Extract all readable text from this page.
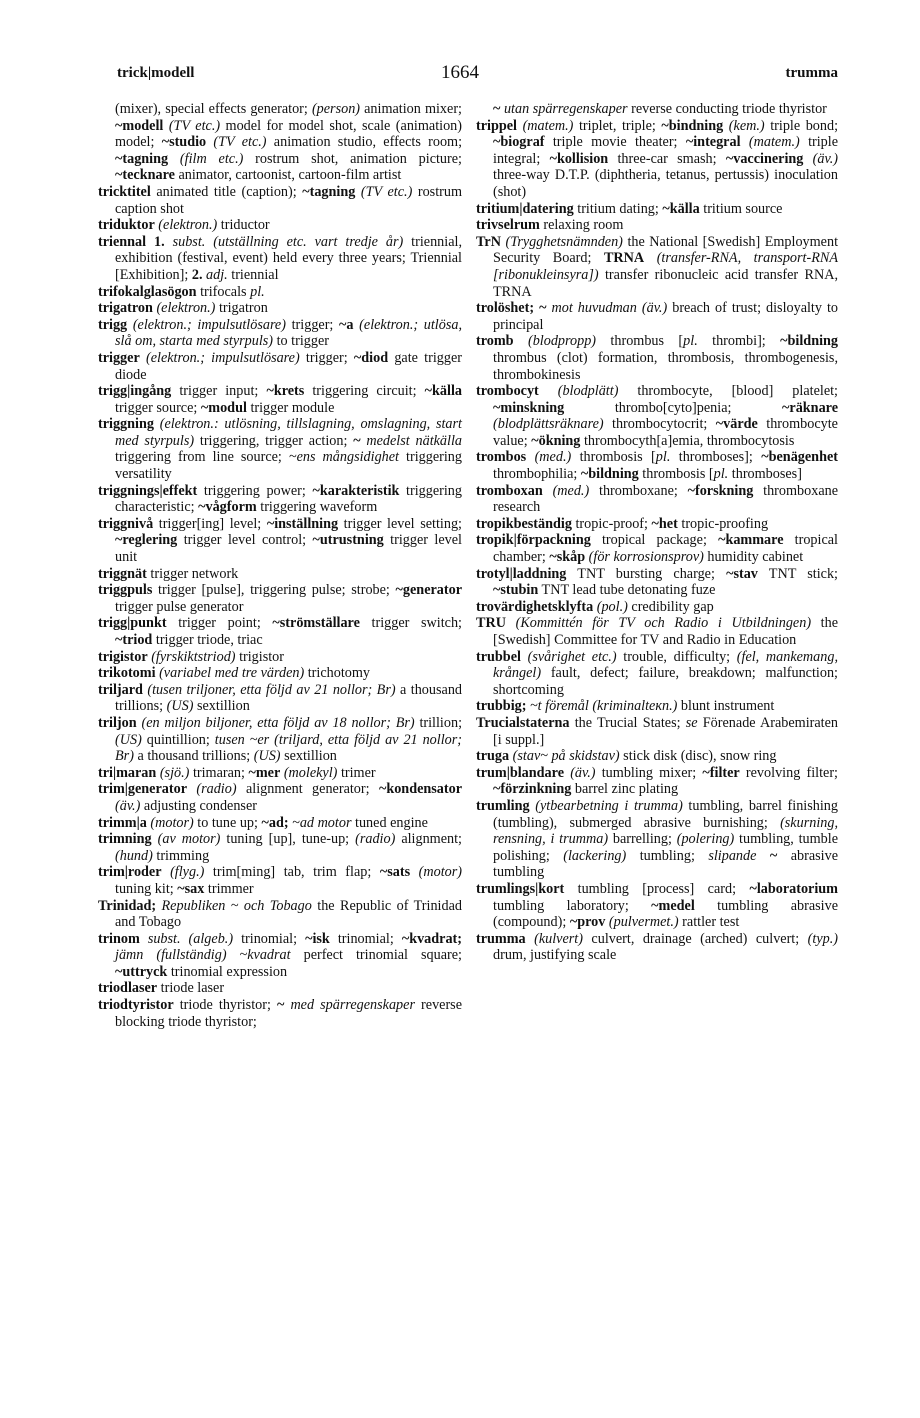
trick|modell	1664	trumma

(mixer), special effects generator; (person) animation mixer; ~modell (TV etc.) model for model shot, scale (animation) model; ~studio (TV etc.) animation studio, effects room; ~tagning (film etc.) rostrum shot, animation picture; ~tecknare animator, cartoonist, cartoon-film artist

tricktitel animated title (caption); ~tagning (TV etc.) rostrum caption shot

triduktor (elektron.) triductor

triennal 1. subst. (utställning etc. vart tredje år) triennial, exhibition (festival, event) held every three years; Triennial [Exhibition]; 2. adj. triennial

trifokalglasögon trifocals pl.

trigatron (elektron.) trigatron

trigg (elektron.; impulsutlösare) trigger; ~a (elektron.; utlösa, slå om, starta med styrpuls) to trigger

trigger (elektron.; impulsutlösare) trigger; ~diod gate trigger diode

trigg|ingång trigger input; ~krets triggering circuit; ~källa trigger source; ~modul trigger module

triggning (elektron.: utlösning, tillslagning, omslagning, start med styrpuls) triggering, trigger action; ~ medelst nätkälla triggering from line source; ~ens mångsidighet triggering versatility

triggnings|effekt triggering power; ~karakteristik triggering characteristic; ~vågform triggering waveform

triggnivå trigger[ing] level; ~inställning trigger level setting; ~reglering trigger level control; ~utrustning trigger level unit

triggnät trigger network

triggpuls trigger [pulse], triggering pulse; strobe; ~generator trigger pulse generator

trigg|punkt trigger point; ~strömställare trigger switch; ~triod trigger triode, triac

trigistor (fyrskiktstriod) trigistor

trikotomi (variabel med tre värden) trichotomy

triljard (tusen triljoner, etta följd av 21 nollor; Br) a thousand trillions; (US) sextillion

triljon (en miljon biljoner, etta följd av 18 nollor; Br) trillion; (US) quintillion; tusen ~er (triljard, etta följd av 21 nollor; Br) a thousand trillions; (US) sextillion

tri|maran (sjö.) trimaran; ~mer (molekyl) trimer

trim|generator (radio) alignment generator; ~kondensator (äv.) adjusting condenser

trimm|a (motor) to tune up; ~ad; ~ad motor tuned engine

trimning (av motor) tuning [up], tune-up; (radio) alignment; (hund) trimming

trim|roder (flyg.) trim[ming] tab, trim flap; ~sats (motor) tuning kit; ~sax trimmer

Trinidad; Republiken ~ och Tobago the Republic of Trinidad and Tobago

trinom subst. (algeb.) trinomial; ~isk trinomial; ~kvadrat; jämn (fullständig) ~kvadrat perfect trinomial square; ~uttryck trinomial expression

triodlaser triode laser

triodtyristor triode thyristor; ~ med spärregenskaper reverse blocking triode thyristor;

~ utan spärregenskaper reverse conducting triode thyristor

trippel (matem.) triplet, triple; ~bindning (kem.) triple bond; ~biograf triple movie theater; ~integral (matem.) triple integral; ~kollision three-car smash; ~vaccinering (äv.) three-way D.T.P. (diphtheria, tetanus, pertussis) inoculation (shot)

tritium|datering tritium dating; ~källa tritium source

trivselrum relaxing room

TrN (Trygghetsnämnden) the National [Swedish] Employment Security Board; TRNA (transfer-RNA, transport-RNA [ribonukleinsyra]) transfer ribonucleic acid transfer RNA, TRNA

trolöshet; ~ mot huvudman (äv.) breach of trust; disloyalty to principal

tromb (blodpropp) thrombus [pl. thrombi]; ~bildning thrombus (clot) formation, thrombosis, thrombogenesis, thrombokinesis

trombocyt (blodplätt) thrombocyte, [blood] platelet; ~minskning thrombo[cyto]penia; ~räknare (blodplättsräknare) thrombocytocrit; ~värde thrombocyte value; ~ökning thrombocyth[a]emia, thrombocytosis

trombos (med.) thrombosis [pl. thromboses]; ~benägenhet thrombophilia; ~bildning thrombosis [pl. thromboses]

tromboxan (med.) thromboxane; ~forskning thromboxane research

tropikbeständig tropic-proof; ~het tropic-proofing

tropik|förpackning tropical package; ~kammare tropical chamber; ~skåp (för korrosionsprov) humidity cabinet

trotyl|laddning TNT bursting charge; ~stav TNT stick; ~stubin TNT lead tube detonating fuze

trovärdighetsklyfta (pol.) credibility gap

TRU (Kommittén för TV och Radio i Utbildningen) the [Swedish] Committee for TV and Radio in Education

trubbel (svårighet etc.) trouble, difficulty; (fel, mankemang, krångel) fault, defect; failure, breakdown; malfunction; shortcoming

trubbig; ~t föremål (kriminalteкn.) blunt instrument

Trucialstaterna the Trucial States; se Förenade Arabemiraten [i suppl.]

truga (stav~ på skidstav) stick disk (disc), snow ring

trum|blandare (äv.) tumbling mixer; ~filter revolving filter; ~förzinkning barrel zinc plating

trumling (ytbearbetning i trumma) tumbling, barrel finishing (tumbling), submerged abrasive burnishing; (skurning, rensning, i trumma) barrelling; (polering) tumbling, tumble polishing; (lackering) tumbling; slipande ~ abrasive tumbling

trumlings|kort tumbling [process] card; ~laboratorium tumbling laboratory; ~medel tumbling abrasive (compound); ~prov (pulvermet.) rattler test

trumma (kulvert) culvert, drainage (arched) culvert; (typ.) drum, justifying scale
